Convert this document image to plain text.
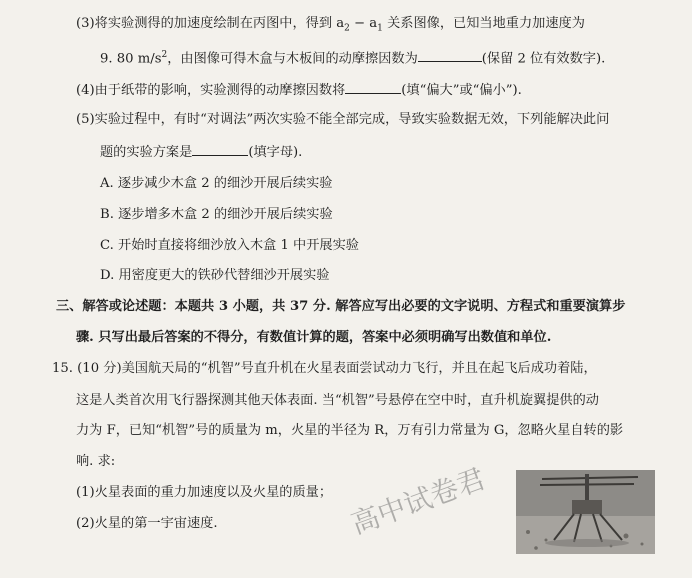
(3)将实验测得的加速度绘制在丙图中，得到 $a_2 - a_1$ 关系图像，已知当地重力加速度为
9. 80 $m/s^2$，由图像可得木盒与木板间的动摩擦因数为	(保留 2 位有效数字).
(4)由于纸带的影响，实验测得的动摩擦因数将	(填“偏大”或“偏小”).
(5)实验过程中，有时“对调法”两次实验不能全部完成，导致实验数据无效，下列能解决此问
题的实验方案是	(填字母).
A. 逐步减少木盒 2 的细沙开展后续实验
B. 逐步增多木盒 2 的细沙开展后续实验
C. 开始时直接将细沙放入木盒 1 中开展实验
D. 用密度更大的铁砂代替细沙开展实验
三、解答或论述题：本题共 3 小题，共 37 分. 解答应写出必要的文字说明、方程式和重要演算步
骤. 只写出最后答案的不得分，有数值计算的题，答案中必须明确写出数值和单位.
15. (10 分)美国航天局的“机智”号直升机在火星表面尝试动力飞行，并且在起飞后成功着陆，
这是人类首次用飞行器探测其他天体表面. 当“机智”号悬停在空中时，直升机旋翼提供的动
力为 F，已知“机智”号的质量为 m，火星的半径为 R，万有引力常量为 G，忽略火星自转的影
响. 求:
(1)火星表面的重力加速度以及火星的质量；
(2)火星的第一宇宙速度.	高中试卷君
